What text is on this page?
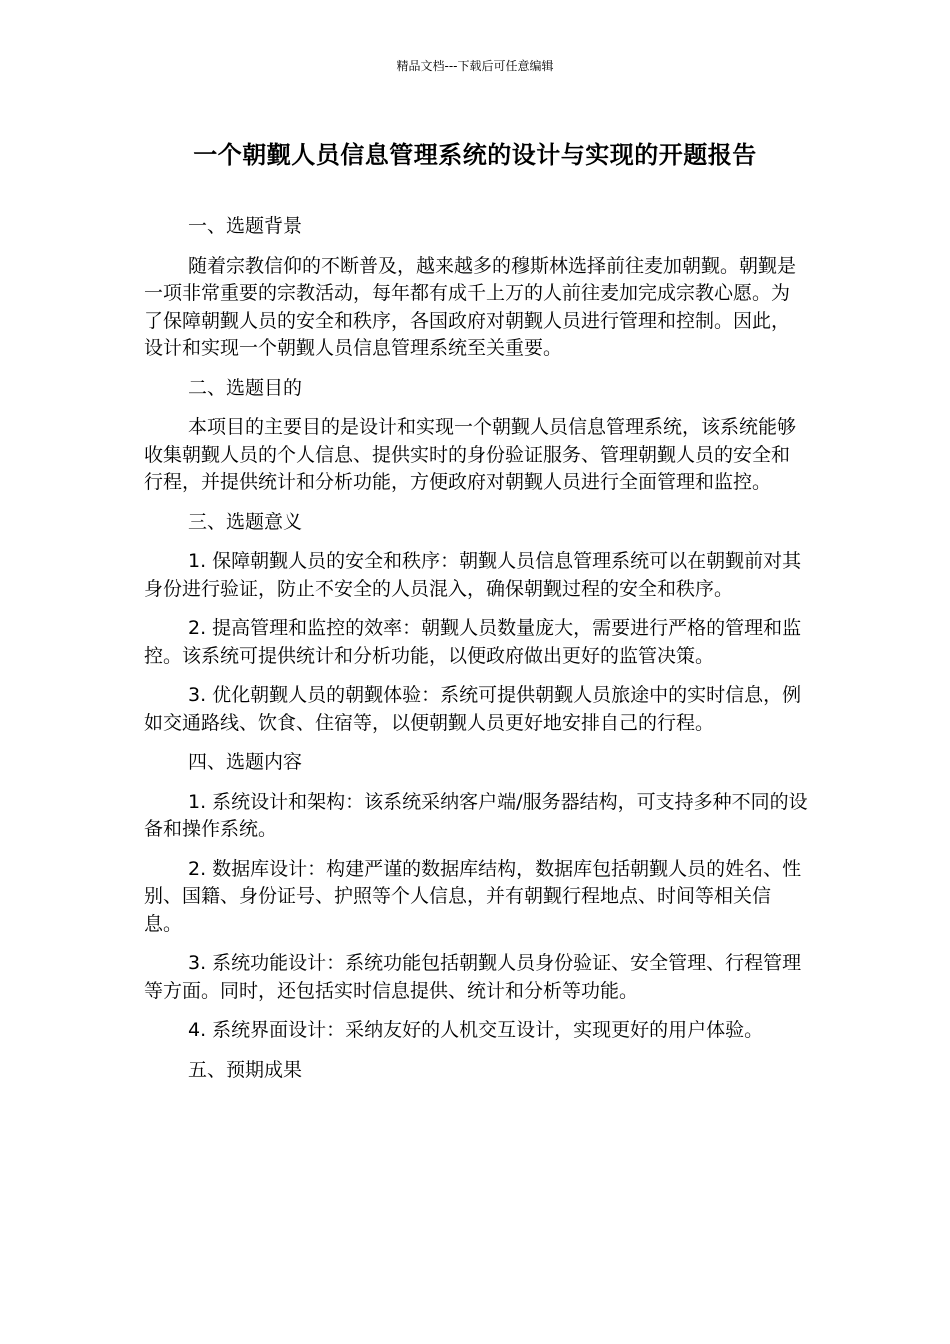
精品文档---下载后可任意编辑
一个朝觐人员信息管理系统的设计与实现的开题报告

一、选题背景

随着宗教信仰的不断普及，越来越多的穆斯林选择前往麦加朝觐。朝觐是一项非常重要的宗教活动，每年都有成千上万的人前往麦加完成宗教心愿。为了保障朝觐人员的安全和秩序，各国政府对朝觐人员进行管理和控制。因此，设计和实现一个朝觐人员信息管理系统至关重要。

二、选题目的

本项目的主要目的是设计和实现一个朝觐人员信息管理系统，该系统能够收集朝觐人员的个人信息、提供实时的身份验证服务、管理朝觐人员的安全和行程，并提供统计和分析功能，方便政府对朝觐人员进行全面管理和监控。

三、选题意义

1. 保障朝觐人员的安全和秩序：朝觐人员信息管理系统可以在朝觐前对其身份进行验证，防止不安全的人员混入，确保朝觐过程的安全和秩序。

2. 提高管理和监控的效率：朝觐人员数量庞大，需要进行严格的管理和监控。该系统可提供统计和分析功能，以便政府做出更好的监管决策。

3. 优化朝觐人员的朝觐体验：系统可提供朝觐人员旅途中的实时信息，例如交通路线、饮食、住宿等，以便朝觐人员更好地安排自己的行程。

四、选题内容

1. 系统设计和架构：该系统采纳客户端/服务器结构，可支持多种不同的设备和操作系统。

2. 数据库设计：构建严谨的数据库结构，数据库包括朝觐人员的姓名、性别、国籍、身份证号、护照等个人信息，并有朝觐行程地点、时间等相关信息。

3. 系统功能设计：系统功能包括朝觐人员身份验证、安全管理、行程管理等方面。同时，还包括实时信息提供、统计和分析等功能。

4. 系统界面设计：采纳友好的人机交互设计，实现更好的用户体验。

五、预期成果
